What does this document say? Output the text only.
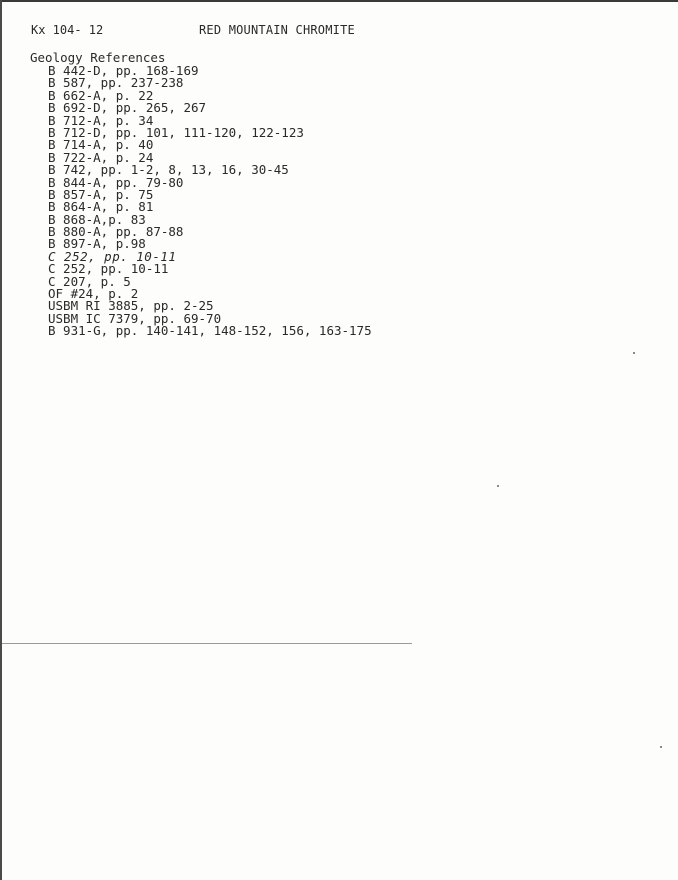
Kx 104- 12	RED MOUNTAIN CHROMITE
Geology References
B 442-D, pp. 168-169
B 587, pp. 237-238
B 662-A, p. 22
B 692-D, pp. 265, 267
B 712-A, p. 34
B 712-D, pp. 101, 111-120, 122-123
B 714-A, p. 40
B 722-A, p. 24
B 742, pp. 1-2, 8, 13, 16, 30-45
B 844-A, pp. 79-80
B 857-A, p. 75
B 864-A, p. 81
B 868-A,p. 83
B 880-A, pp. 87-88
B 897-A, p.98
C 252, pp. 10-11
C 252, pp. 10-11
C 207, p. 5
OF #24, p. 2
USBM RI 3885, pp. 2-25
USBM IC 7379, pp. 69-70
B 931-G, pp. 140-141, 148-152, 156, 163-175
